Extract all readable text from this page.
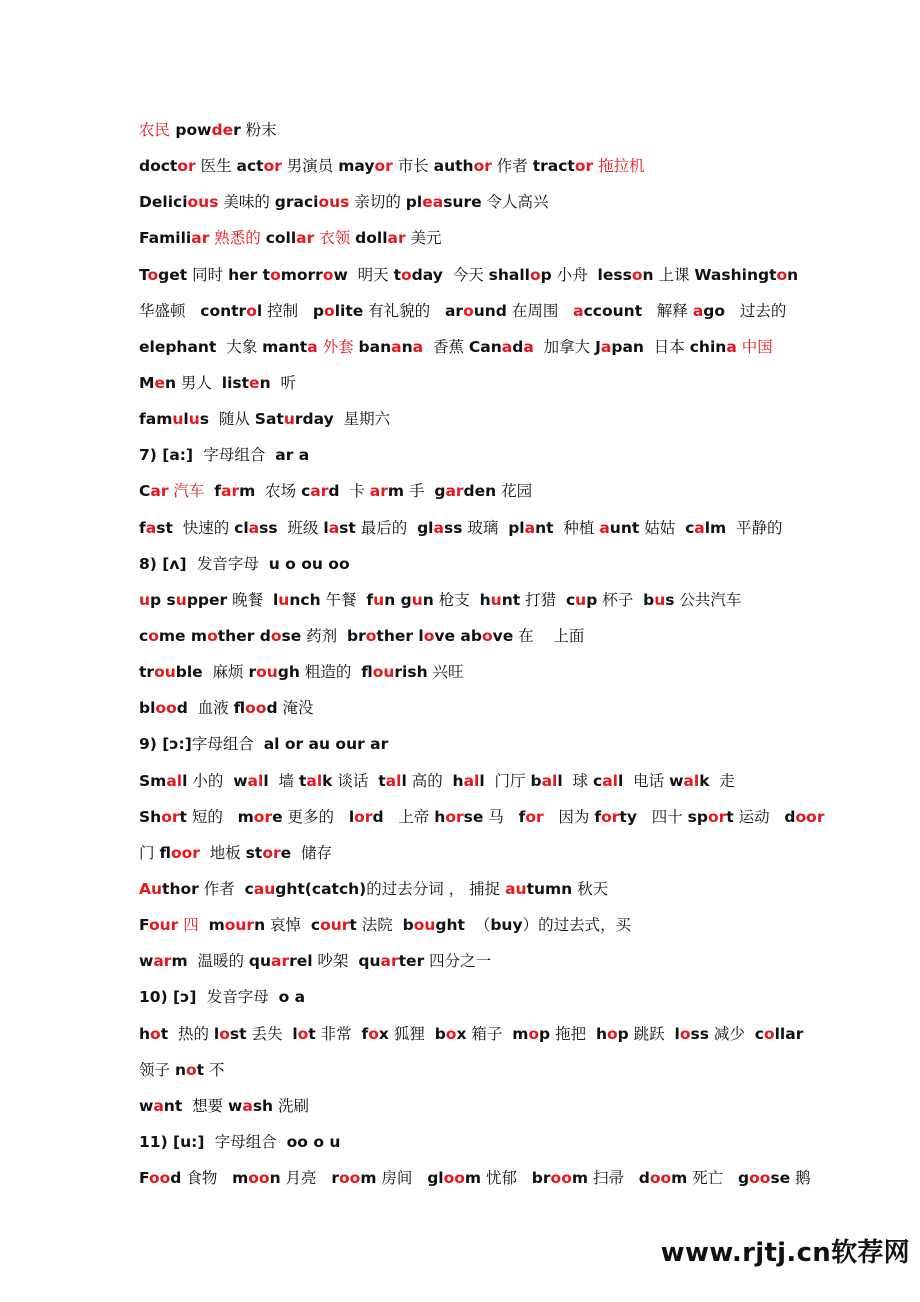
农民 powder 粉末
doctor 医生 actor 男演员 mayor 市长 author 作者 tractor 拖拉机
Delicious 美味的 gracious 亲切的 pleasure 令人高兴
Familiar 熟悉的 collar 衣领 dollar 美元
Toget 同时 her tomorrow  明天 today  今天 shallop 小舟  lesson 上课 Washington
华盛顿   control 控制   polite 有礼貌的   around 在周围   account   解释 ago   过去的
elephant  大象 manta 外套 banana  香蕉 Canada  加拿大 Japan  日本 china 中国
Men 男人  listen  听
famulus  随从 Saturday  星期六
7) [a:]  字母组合  ar a
Car 汽车  farm  农场 card  卡 arm 手  garden 花园
fast  快速的 class  班级 last 最后的  glass 玻璃  plant  种植 aunt 姑姑  calm  平静的
8) [ʌ]  发音字母  u o ou oo
up supper 晚餐  lunch 午餐  fun gun 枪支  hunt 打猎  cup 杯子  bus 公共汽车
come mother dose 药剂  brother love above 在    上面
trouble  麻烦 rough 粗造的  flourish 兴旺
blood  血液 flood 淹没
9) [ɔ:]字母组合  al or au our ar
Small 小的  wall  墙 talk 谈话  tall 高的  hall  门厅 ball  球 call  电话 walk  走
Short 短的   more 更多的   lord   上帝 horse 马   for   因为 forty   四十 sport 运动   door
门 floor  地板 store  储存
Author 作者  caught(catch)的过去分词 ， 捕捉 autumn 秋天
Four 四  mourn 哀悼  court 法院  bought  （buy）的过去式，买
warm  温暖的 quarrel 吵架  quarter 四分之一
10) [ɔ]  发音字母  o a
hot  热的 lost 丢失  lot 非常  fox 狐狸  box 箱子  mop 拖把  hop 跳跃  loss 减少  collar
领子 not 不
want  想要 wash 洗刷
11) [u:]  字母组合  oo o u
Food 食物   moon 月亮   room 房间   gloom 忧郁   broom 扫帚   doom 死亡   goose 鹅
www.rjtj.cn软荐网
